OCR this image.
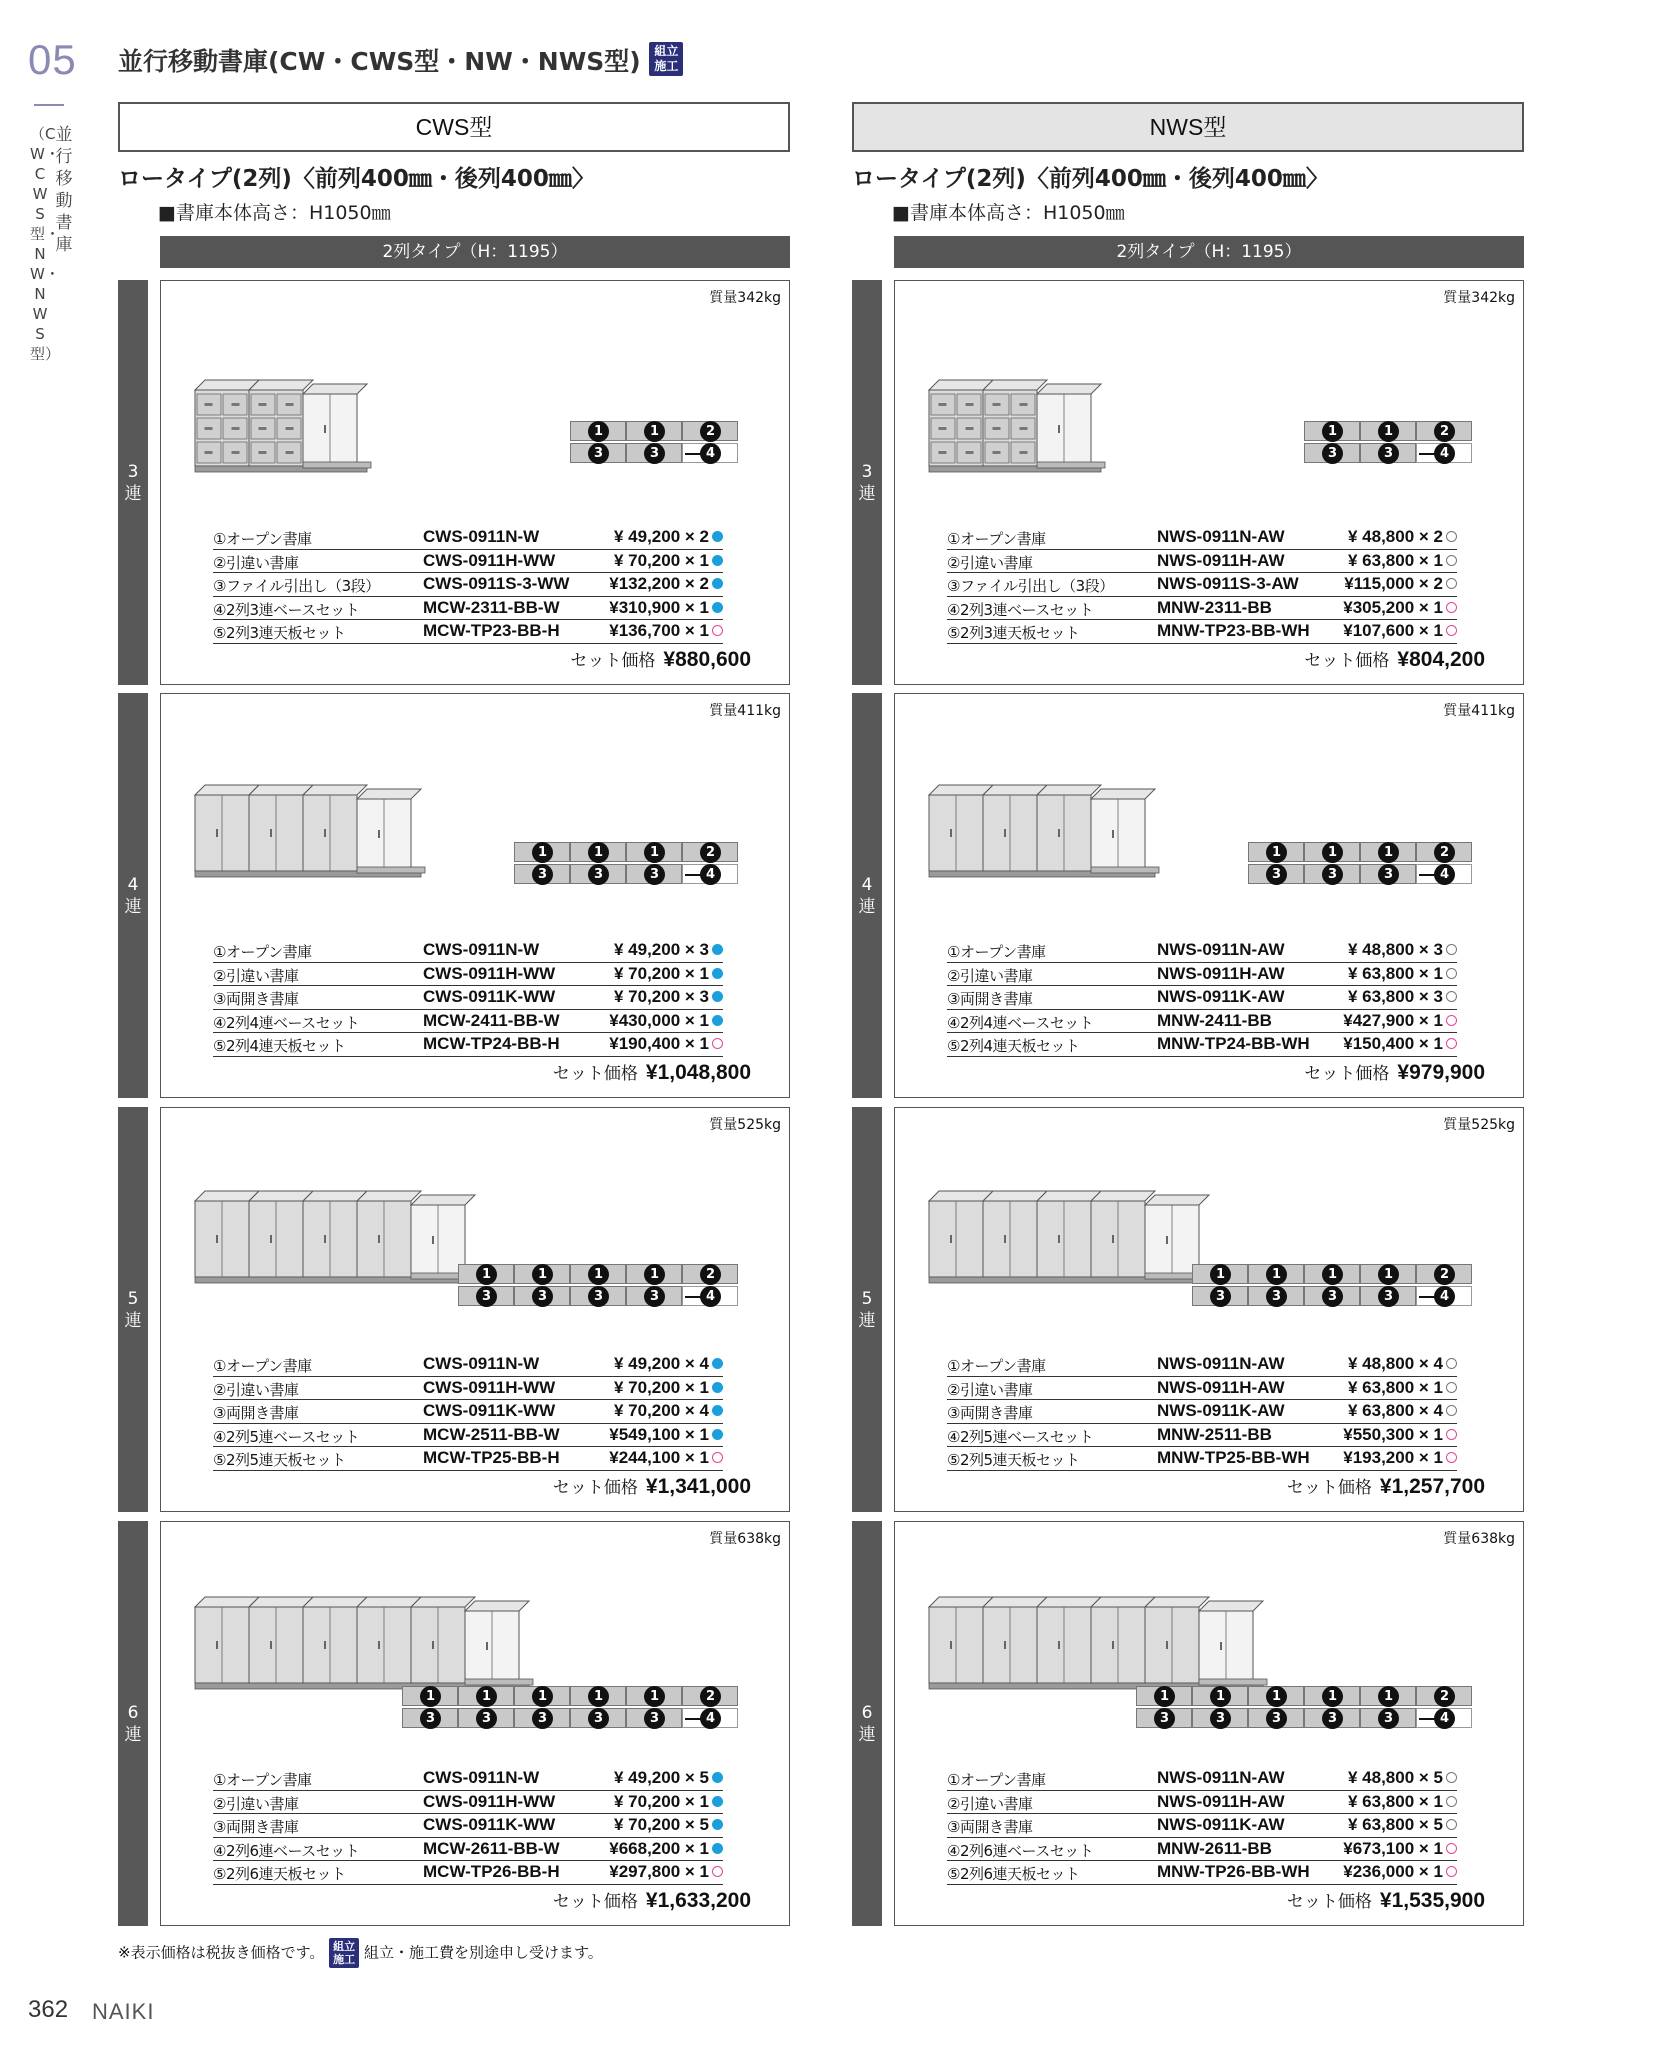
05
並行移動書庫
（CW・CWS型・NW・NWS型）
並行移動書庫(CW・CWS型・NW・NWS型) 組立
施工
CWS型
ロータイプ(2列)〈前列400㎜・後列400㎜〉
■書庫本体高さ：H1050㎜
2列タイプ（H：1195）
3
連
質量342kg
1
3
1
3
2
4
①オープン書庫	CWS-0911N-W	¥ 49,200 × 2
②引違い書庫	CWS-0911H-WW	¥ 70,200 × 1
③ファイル引出し（3段）	CWS-0911S-3-WW ¥132,200 × 2
④2列3連ベースセット	MCW-2311-BB-W	¥310,900 × 1
⑤2列3連天板セット	MCW-TP23-BB-H	¥136,700 × 1
セット価格 ¥880,600
4
連
質量411kg
1
3
1
3
1
3
2
4
①オープン書庫	CWS-0911N-W	¥ 49,200 × 3
②引違い書庫	CWS-0911H-WW	¥ 70,200 × 1
③両開き書庫	CWS-0911K-WW	¥ 70,200 × 3
④2列4連ベースセット	MCW-2411-BB-W	¥430,000 × 1
⑤2列4連天板セット	MCW-TP24-BB-H	¥190,400 × 1
セット価格 ¥1,048,800
5
連
質量525kg
1
3
1
3
1
3
1
3
2
4
①オープン書庫	CWS-0911N-W	¥ 49,200 × 4
②引違い書庫	CWS-0911H-WW	¥ 70,200 × 1
③両開き書庫	CWS-0911K-WW	¥ 70,200 × 4
④2列5連ベースセット	MCW-2511-BB-W	¥549,100 × 1
⑤2列5連天板セット	MCW-TP25-BB-H	¥244,100 × 1
セット価格 ¥1,341,000
6
連
質量638kg
1
3
1
3
1
3
1
3
1
3
2
4
①オープン書庫	CWS-0911N-W	¥ 49,200 × 5
②引違い書庫	CWS-0911H-WW	¥ 70,200 × 1
③両開き書庫	CWS-0911K-WW	¥ 70,200 × 5
④2列6連ベースセット	MCW-2611-BB-W	¥668,200 × 1
⑤2列6連天板セット	MCW-TP26-BB-H	¥297,800 × 1
セット価格 ¥1,633,200
NWS型
ロータイプ(2列)〈前列400㎜・後列400㎜〉
■書庫本体高さ：H1050㎜
2列タイプ（H：1195）
3
連
質量342kg
1
3
1
3
2
4
①オープン書庫	NWS-0911N-AW	¥ 48,800 × 2
②引違い書庫	NWS-0911H-AW	¥ 63,800 × 1
③ファイル引出し（3段）	NWS-0911S-3-AW	¥115,000 × 2
④2列3連ベースセット	MNW-2311-BB	¥305,200 × 1
⑤2列3連天板セット	MNW-TP23-BB-WH ¥107,600 × 1
セット価格 ¥804,200
4
連
質量411kg
1
3
1
3
1
3
2
4
①オープン書庫	NWS-0911N-AW	¥ 48,800 × 3
②引違い書庫	NWS-0911H-AW	¥ 63,800 × 1
③両開き書庫	NWS-0911K-AW	¥ 63,800 × 3
④2列4連ベースセット	MNW-2411-BB	¥427,900 × 1
⑤2列4連天板セット	MNW-TP24-BB-WH ¥150,400 × 1
セット価格 ¥979,900
5
連
質量525kg
1
3
1
3
1
3
1
3
2
4
①オープン書庫	NWS-0911N-AW	¥ 48,800 × 4
②引違い書庫	NWS-0911H-AW	¥ 63,800 × 1
③両開き書庫	NWS-0911K-AW	¥ 63,800 × 4
④2列5連ベースセット	MNW-2511-BB	¥550,300 × 1
⑤2列5連天板セット	MNW-TP25-BB-WH ¥193,200 × 1
セット価格 ¥1,257,700
6
連
質量638kg
1
3
1
3
1
3
1
3
1
3
2
4
①オープン書庫	NWS-0911N-AW	¥ 48,800 × 5
②引違い書庫	NWS-0911H-AW	¥ 63,800 × 1
③両開き書庫	NWS-0911K-AW	¥ 63,800 × 5
④2列6連ベースセット	MNW-2611-BB	¥673,100 × 1
⑤2列6連天板セット	MNW-TP26-BB-WH ¥236,000 × 1
セット価格 ¥1,535,900
※表示価格は税抜き価格です。 組立
施工 組立・施工費を別途申し受けます。
362 NAIKI
